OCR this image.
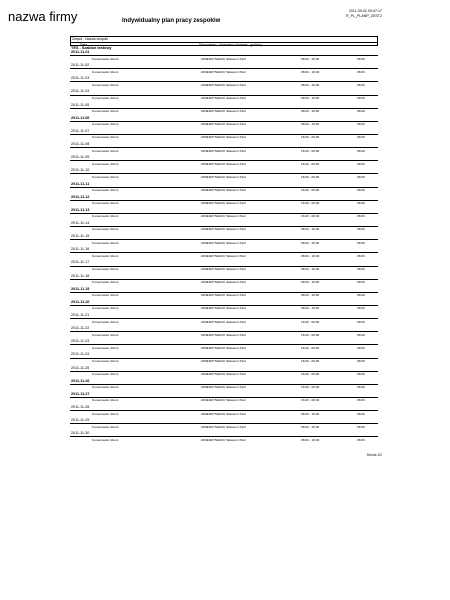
nazwa firmy	Indywidualny plan pracy zespołów
2011-09-02 09:47:17
R_PL_PLANP_ZEST2
Zespół - Nazwa zespołu
Data	Stanowisko - Nazwisko i imienie - godziny
TES - Szablon testowy
2011-11-01
Konserwator dzieni	ZWIERZYNIECKI Sławomir Piotr	08:00 - 16:00	08:00
2011-11-02
Konserwator dzieni	ZWIERZYNIECKI Sławomir Piotr	08:00 - 16:00	08:00
2011-11-03
Konserwator dzieni	ZWIERZYNIECKI Sławomir Piotr	08:00 - 16:00	08:00
2011-11-04
Konserwator dzieni	ZWIERZYNIECKI Sławomir Piotr	08:00 - 16:00	08:00
2011-11-05
Konserwator dzieni	ZWIERZYNIECKI Sławomir Piotr	08:00 - 16:00	08:00
2011-11-06
Konserwator dzieni	ZWIERZYNIECKI Sławomir Piotr	08:00 - 16:00	08:00
2011-11-07
Konserwator dzieni	ZWIERZYNIECKI Sławomir Piotr	16:00 - 00:00	08:00
2011-11-08
Konserwator dzieni	ZWIERZYNIECKI Sławomir Piotr	16:00 - 00:00	08:00
2011-11-09
Konserwator dzieni	ZWIERZYNIECKI Sławomir Piotr	16:00 - 00:00	08:00
2011-11-10
Konserwator dzieni	ZWIERZYNIECKI Sławomir Piotr	16:00 - 00:00	08:00
2011-11-11
Konserwator dzieni	ZWIERZYNIECKI Sławomir Piotr	16:00 - 00:00	08:00
2011-11-12
Konserwator dzieni	ZWIERZYNIECKI Sławomir Piotr	16:00 - 00:00	08:00
2011-11-13
Konserwator dzieni	ZWIERZYNIECKI Sławomir Piotr	16:00 - 00:00	08:00
2011-11-14
Konserwator dzieni	ZWIERZYNIECKI Sławomir Piotr	08:00 - 16:00	08:00
2011-11-15
Konserwator dzieni	ZWIERZYNIECKI Sławomir Piotr	08:00 - 16:00	08:00
2011-11-16
Konserwator dzieni	ZWIERZYNIECKI Sławomir Piotr	08:00 - 16:00	08:00
2011-11-17
Konserwator dzieni	ZWIERZYNIECKI Sławomir Piotr	08:00 - 16:00	08:00
2011-11-18
Konserwator dzieni	ZWIERZYNIECKI Sławomir Piotr	08:00 - 16:00	08:00
2011-11-19
Konserwator dzieni	ZWIERZYNIECKI Sławomir Piotr	08:00 - 16:00	08:00
2011-11-20
Konserwator dzieni	ZWIERZYNIECKI Sławomir Piotr	08:00 - 16:00	08:00
2011-11-21
Konserwator dzieni	ZWIERZYNIECKI Sławomir Piotr	16:00 - 00:00	08:00
2011-11-22
Konserwator dzieni	ZWIERZYNIECKI Sławomir Piotr	16:00 - 00:00	08:00
2011-11-23
Konserwator dzieni	ZWIERZYNIECKI Sławomir Piotr	16:00 - 00:00	08:00
2011-11-24
Konserwator dzieni	ZWIERZYNIECKI Sławomir Piotr	16:00 - 00:00	08:00
2011-11-25
Konserwator dzieni	ZWIERZYNIECKI Sławomir Piotr	16:00 - 00:00	08:00
2011-11-26
Konserwator dzieni	ZWIERZYNIECKI Sławomir Piotr	16:00 - 00:00	08:00
2011-11-27
Konserwator dzieni	ZWIERZYNIECKI Sławomir Piotr	16:00 - 00:00	08:00
2011-11-28
Konserwator dzieni	ZWIERZYNIECKI Sławomir Piotr	08:00 - 16:00	08:00
2011-11-29
Konserwator dzieni	ZWIERZYNIECKI Sławomir Piotr	08:00 - 16:00	08:00
2011-11-30
Konserwator dzieni	ZWIERZYNIECKI Sławomir Piotr	08:00 - 16:00	08:00
Strona 1/2
